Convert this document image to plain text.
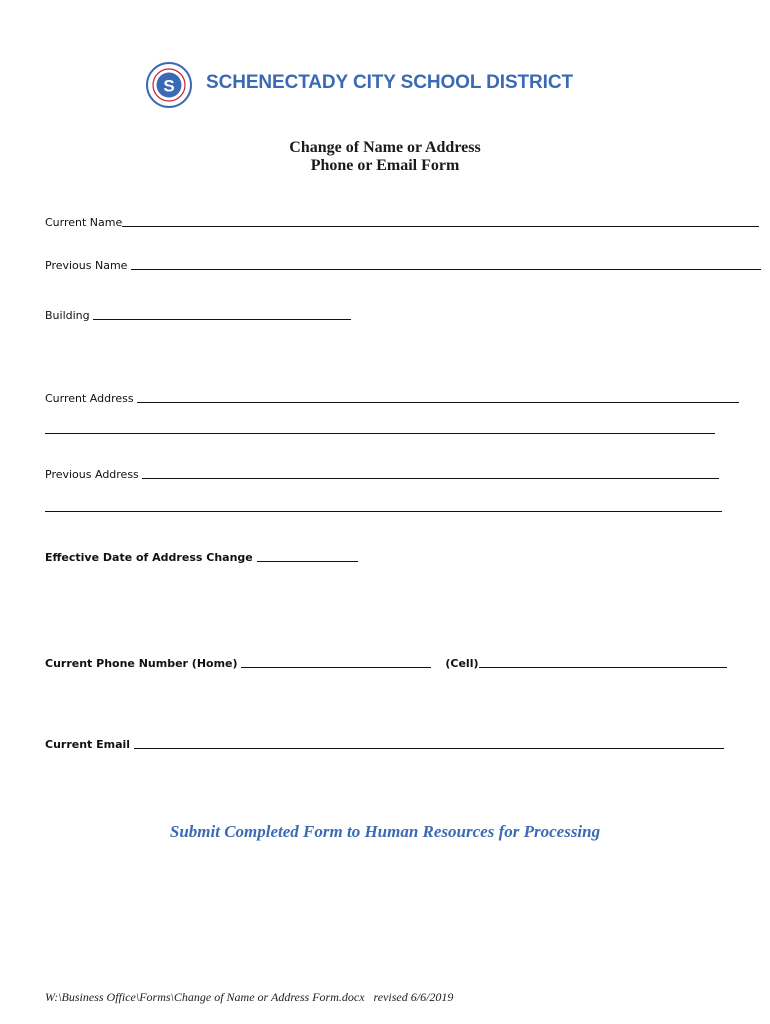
S SCHENECTADY CITY SCHOOL DISTRICT
Change of Name or Address
Phone or Email Form
Current Name
Previous Name
Building
Current Address
Previous Address
Effective Date of Address Change
Current Phone Number (Home)	(Cell)
Current Email
Submit Completed Form to Human Resources for Processing
W:\Business Office\Forms\Change of Name or Address Form.docx   revised 6/6/2019
